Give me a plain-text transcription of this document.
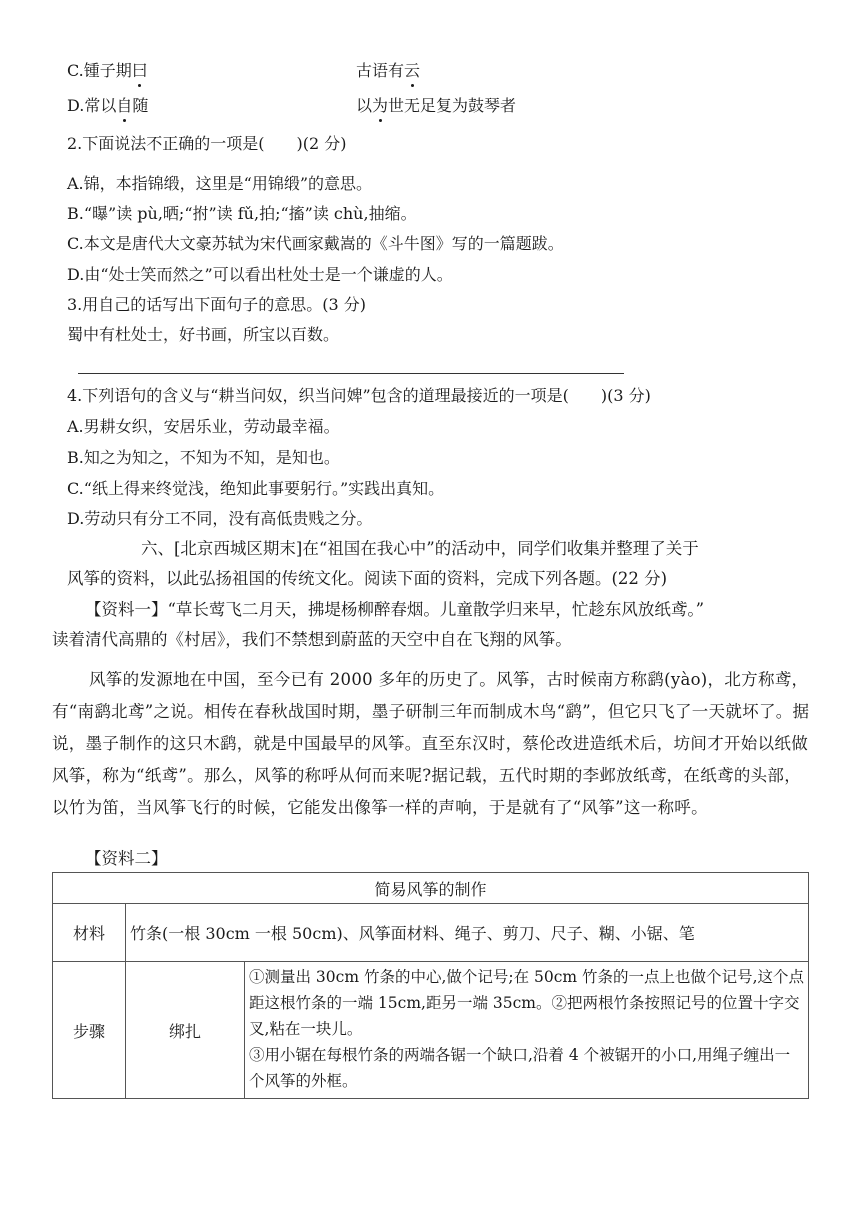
C.锺子期曰	古语有云
D.常以自随	以为世无足复为鼓琴者
2.下面说法不正确的一项是(　　)(2 分)
A.锦，本指锦缎，这里是“用锦缎”的意思。
B.“曝”读 pù,晒;“拊”读 fǔ,拍;“搐”读 chù,抽缩。
C.本文是唐代大文豪苏轼为宋代画家戴嵩的《斗牛图》写的一篇题跋。
D.由“处士笑而然之”可以看出杜处士是一个谦虚的人。
3.用自己的话写出下面句子的意思。(3 分)
蜀中有杜处士，好书画，所宝以百数。
4.下列语句的含义与“耕当问奴，织当问婢”包含的道理最接近的一项是(　　)(3 分)
A.男耕女织，安居乐业，劳动最幸福。
B.知之为知之，不知为不知，是知也。
C.“纸上得来终觉浅，绝知此事要躬行。”实践出真知。
D.劳动只有分工不同，没有高低贵贱之分。
六、[北京西城区期末]在“祖国在我心中”的活动中，同学们收集并整理了关于
风筝的资料，以此弘扬祖国的传统文化。阅读下面的资料，完成下列各题。(22 分)
【资料一】“草长莺飞二月天，拂堤杨柳醉春烟。儿童散学归来早，忙趁东风放纸鸢。”
读着清代高鼎的《村居》，我们不禁想到蔚蓝的天空中自在飞翔的风筝。
风筝的发源地在中国，至今已有 2000 多年的历史了。风筝，古时候南方称鹞(yào)，北方称鸢，有“南鹞北鸢”之说。相传在春秋战国时期，墨子研制三年而制成木鸟“鹞”，但它只飞了一天就坏了。据说，墨子制作的这只木鹞，就是中国最早的风筝。直至东汉时，蔡伦改进造纸术后，坊间才开始以纸做风筝，称为“纸鸢”。那么，风筝的称呼从何而来呢?据记载，五代时期的李邺放纸鸢，在纸鸢的头部，以竹为笛，当风筝飞行的时候，它能发出像筝一样的声响，于是就有了“风筝”这一称呼。
【资料二】
简易风筝的制作		
材料	竹条(一根 30cm 一根 50cm)、风筝面材料、绳子、剪刀、尺子、糊、小锯、笔	
步骤	绑扎	①测量出 30cm 竹条的中心,做个记号;在 50cm 竹条的一点上也做个记号,这个点距这根竹条的一端 15cm,距另一端 35cm。②把两根竹条按照记号的位置十字交叉,粘在一块儿。
③用小锯在每根竹条的两端各锯一个缺口,沿着 4 个被锯开的小口,用绳子缠出一个风筝的外框。
